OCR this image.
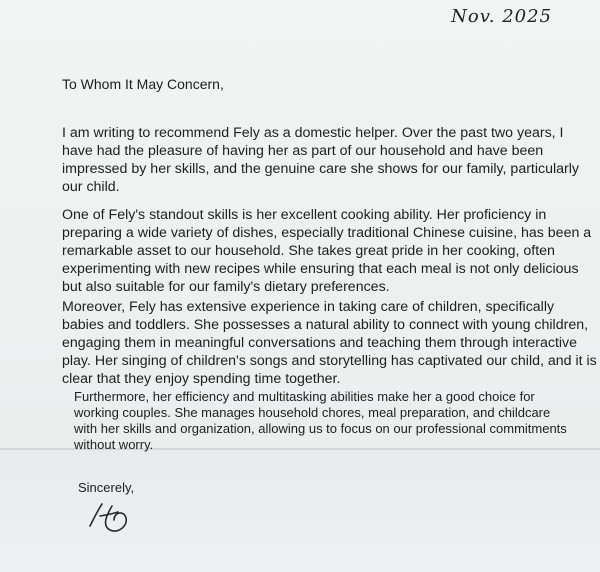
Nov. 2025
To Whom It May Concern,
I am writing to recommend Fely as a domestic helper. Over the past two years, I have had the pleasure of having her as part of our household and have been impressed by her skills, and the genuine care she shows for our family, particularly our child.
One of Fely's standout skills is her excellent cooking ability. Her proficiency in preparing a wide variety of dishes, especially traditional Chinese cuisine, has been a remarkable asset to our household. She takes great pride in her cooking, often experimenting with new recipes while ensuring that each meal is not only delicious but also suitable for our family's dietary preferences.
Moreover, Fely has extensive experience in taking care of children, specifically babies and toddlers. She possesses a natural ability to connect with young children, engaging them in meaningful conversations and teaching them through interactive play. Her singing of children's songs and storytelling has captivated our child, and it is clear that they enjoy spending time together.
Furthermore, her efficiency and multitasking abilities make her a good choice for working couples. She manages household chores, meal preparation, and childcare with her skills and organization, allowing us to focus on our professional commitments without worry.
Sincerely,
